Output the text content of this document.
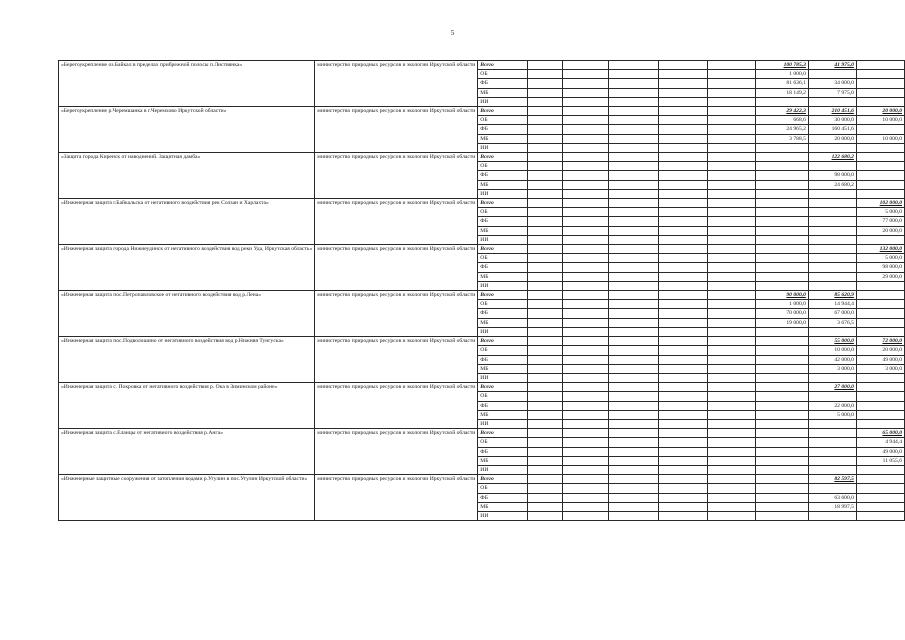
5
«Берегоукрепление оз.Байкал в пределах прибрежной полосы п.Листвянка»	министерство природных ресурсов и экологии Иркутской области	Всего						100 785,3	41 975,0	
		ОБ						1 000,0		
		ФБ						81 636,1	34 000,0	
		МБ						18 149,2	7 975,0	
		ИИ								
«Берегоукрепление р.Черемшанка в г.Черемхово Иркутской области»	министерство природных ресурсов и экологии Иркутской области	Всего						29 422,3	210 451,6	20 000,0
		ОБ						668,6	30 000,0	10 000,0
		ФБ						24 965,2	160 451,6	
		МБ						3 788,5	20 000,0	10 000,0
		ИИ								
«Защита города Киренск от наводнений. Защитная дамба»	министерство природных ресурсов и экологии Иркутской области	Всего							122 680,2	
		ОБ								
		ФБ							98 000,0	
		МБ							24 680,2	
		ИИ								
«Инженерная защита г.Байкальска от негативного воздействия рек Солзан и Харлахта»	министерство природных ресурсов и экологии Иркутской области	Всего								102 000,0
		ОБ								5 000,0
		ФБ								77 000,0
		МБ								20 000,0
		ИИ								
«Инженерная защита города Нижнеудинск от негативного воздействия вод реки Уда, Иркутская область»	министерство природных ресурсов и экологии Иркутской области	Всего								132 000,0
		ОБ								5 000,0
		ФБ								98 000,0
		МБ								29 000,0
		ИИ								
«Инженерная защита пос.Петропавловское от негативного воздействия вод р.Лена»	министерство природных ресурсов и экологии Иркутской области	Всего						90 000,0	85 620,9	
		ОБ						1 000,0	14 944,4	
		ФБ						70 000,0	67 000,0	
		МБ						19 000,0	3 676,5	
		ИИ								
«Инженерная защита пос.Подволошино от негативного воздействия вод р.Нижняя Тунгуска»	министерство природных ресурсов и экологии Иркутской области	Всего							55 000,0	72 000,0
		ОБ							10 000,0	20 000,0
		ФБ							42 000,0	49 000,0
		МБ							3 000,0	3 000,0
		ИИ								
«Инженерная защита с. Покровка от негативного воздействия р. Ока в Зиминском районе»	министерство природных ресурсов и экологии Иркутской области	Всего							27 000,0	
		ОБ								
		ФБ							22 000,0	
		МБ							5 000,0	
		ИИ								
«Инженерная защита с.Еланцы от негативного воздействия р.Анга»	министерство природных ресурсов и экологии Иркутской области	Всего								65 000,0
		ОБ								4 944,4
		ФБ								49 000,0
		МБ								11 055,6
		ИИ								
«Инженерные защитные сооружения от затопления водами р.Угулин в пос.Угулин Иркутской области»	министерство природных ресурсов и экологии Иркутской области	Всего							82 597,5	
		ОБ								
		ФБ							63 600,0	
		МБ							18 997,5	
		ИИ								
